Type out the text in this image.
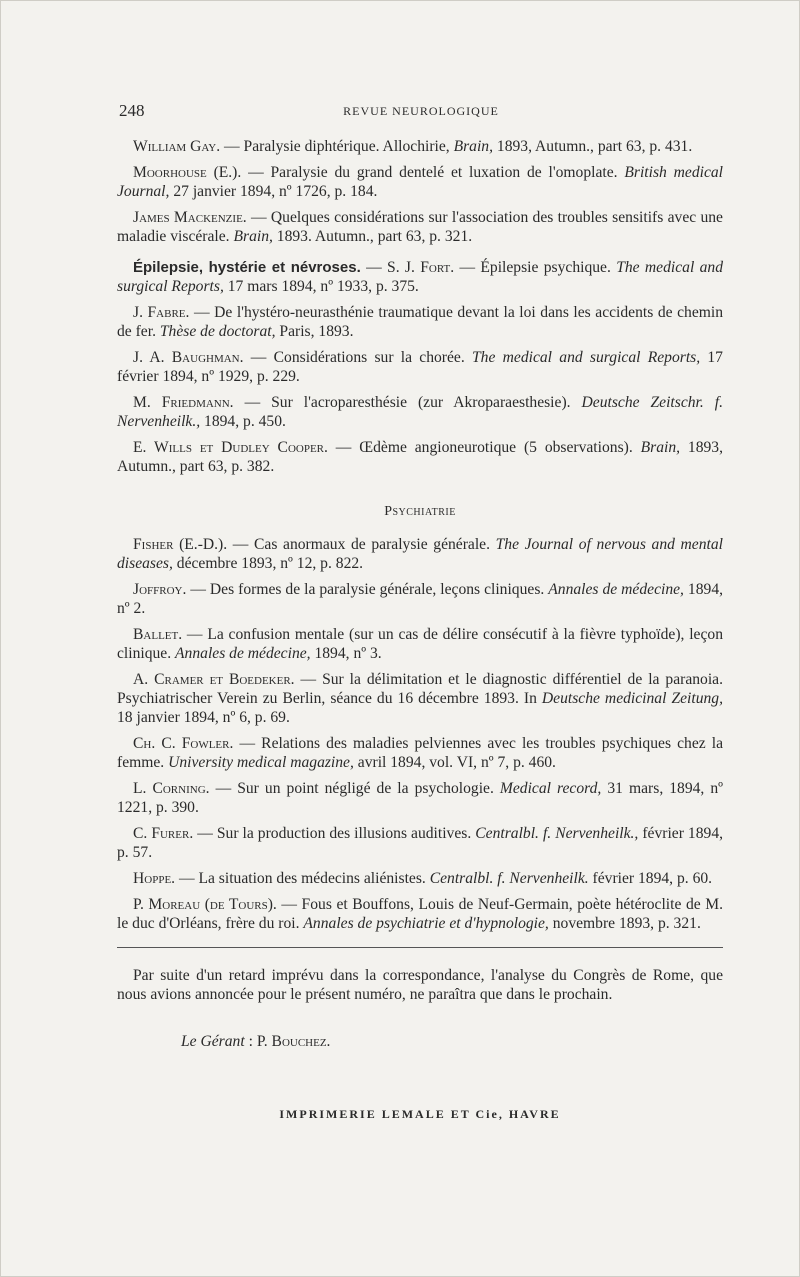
248	REVUE NEUROLOGIQUE

William Gay. — Paralysie diphtérique. Allochirie, Brain, 1893, Autumn., part 63, p. 431.

Moorhouse (E.). — Paralysie du grand dentelé et luxation de l'omoplate. British medical Journal, 27 janvier 1894, nº 1726, p. 184.

James Mackenzie. — Quelques considérations sur l'association des troubles sensitifs avec une maladie viscérale. Brain, 1893. Autumn., part 63, p. 321.

Épilepsie, hystérie et névroses. — S. J. Fort. — Épilepsie psychique. The medical and surgical Reports, 17 mars 1894, nº 1933, p. 375.

J. Fabre. — De l'hystéro-neurasthénie traumatique devant la loi dans les accidents de chemin de fer. Thèse de doctorat, Paris, 1893.

J. A. Baughman. — Considérations sur la chorée. The medical and surgical Reports, 17 février 1894, nº 1929, p. 229.

M. Friedmann. — Sur l'acroparesthésie (zur Akroparaesthesie). Deutsche Zeitschr. f. Nervenheilk., 1894, p. 450.

E. Wills et Dudley Cooper. — Œdème angioneurotique (5 observations). Brain, 1893, Autumn., part 63, p. 382.

Psychiatrie

Fisher (E.-D.). — Cas anormaux de paralysie générale. The Journal of nervous and mental diseases, décembre 1893, nº 12, p. 822.

Joffroy. — Des formes de la paralysie générale, leçons cliniques. Annales de médecine, 1894, nº 2.

Ballet. — La confusion mentale (sur un cas de délire consécutif à la fièvre typhoïde), leçon clinique. Annales de médecine, 1894, nº 3.

A. Cramer et Boedeker. — Sur la délimitation et le diagnostic différentiel de la paranoia. Psychiatrischer Verein zu Berlin, séance du 16 décembre 1893. In Deutsche medicinal Zeitung, 18 janvier 1894, nº 6, p. 69.

Ch. C. Fowler. — Relations des maladies pelviennes avec les troubles psychiques chez la femme. University medical magazine, avril 1894, vol. VI, nº 7, p. 460.

L. Corning. — Sur un point négligé de la psychologie. Medical record, 31 mars, 1894, nº 1221, p. 390.

C. Furer. — Sur la production des illusions auditives. Centralbl. f. Nervenheilk., février 1894, p. 57.

Hoppe. — La situation des médecins aliénistes. Centralbl. f. Nervenheilk. février 1894, p. 60.

P. Moreau (de Tours). — Fous et Bouffons, Louis de Neuf-Germain, poète hétéroclite de M. le duc d'Orléans, frère du roi. Annales de psychiatrie et d'hypnologie, novembre 1893, p. 321.

Par suite d'un retard imprévu dans la correspondance, l'analyse du Congrès de Rome, que nous avions annoncée pour le présent numéro, ne paraîtra que dans le prochain.

Le Gérant : P. Bouchez.

IMPRIMERIE LEMALE ET Cie, HAVRE
